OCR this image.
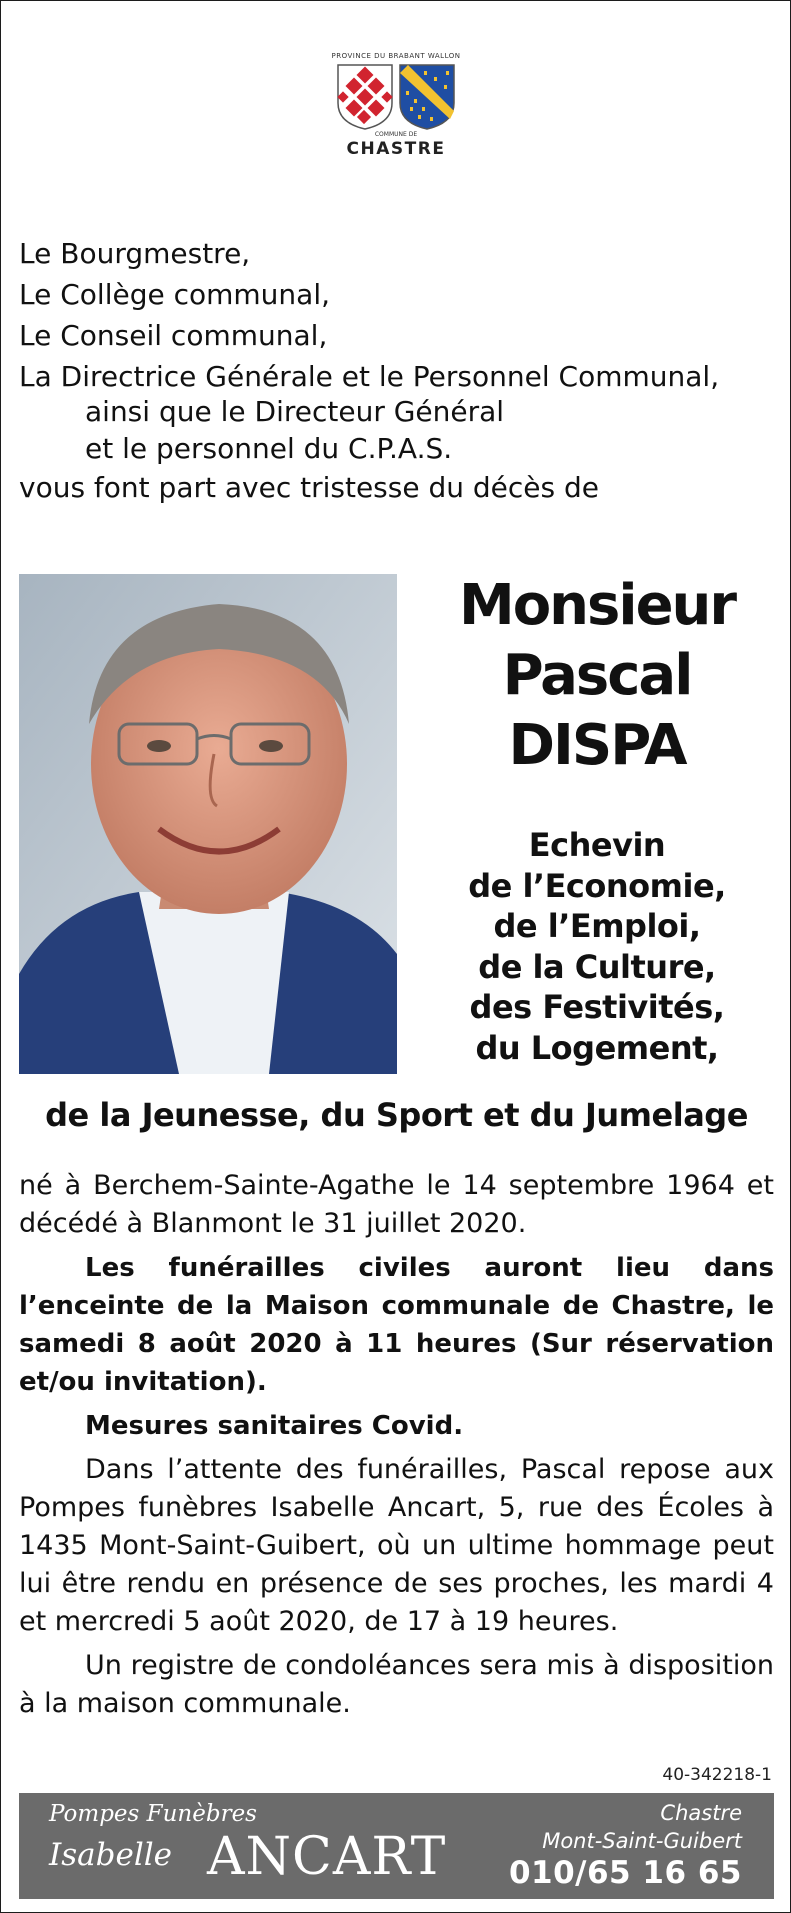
PROVINCE DU BRABANT WALLON
COMMUNE DE
CHASTRE
Le Bourgmestre,
Le Collège communal,
Le Conseil communal,
La Directrice Générale et le Personnel Communal,
ainsi que le Directeur Général
et le personnel du C.P.A.S.
vous font part avec tristesse du décès de
Monsieur
Pascal
DISPA
Echevin
de l’Economie,
de l’Emploi,
de la Culture,
des Festivités,
du Logement,
de la Jeunesse, du Sport et du Jumelage

né à Berchem-Sainte-Agathe le 14 septembre 1964 et décédé à Blanmont le 31 juillet 2020.

Les funérailles civiles auront lieu dans l’enceinte de la Maison communale de Chastre, le samedi 8 août 2020 à 11 heures (Sur réservation et/ou invitation).

Mesures sanitaires Covid.

Dans l’attente des funérailles, Pascal repose aux Pompes funèbres Isabelle Ancart, 5, rue des Écoles à 1435 Mont-Saint-Guibert, où un ultime hommage peut lui être rendu en présence de ses proches, les mardi 4 et mercredi 5 août 2020, de 17 à 19 heures.

Un registre de condoléances sera mis à disposition à la maison communale.

40-342218-1
Pompes Funèbres
Isabelle ANCART
Chastre
Mont-Saint-Guibert
010/65 16 65
